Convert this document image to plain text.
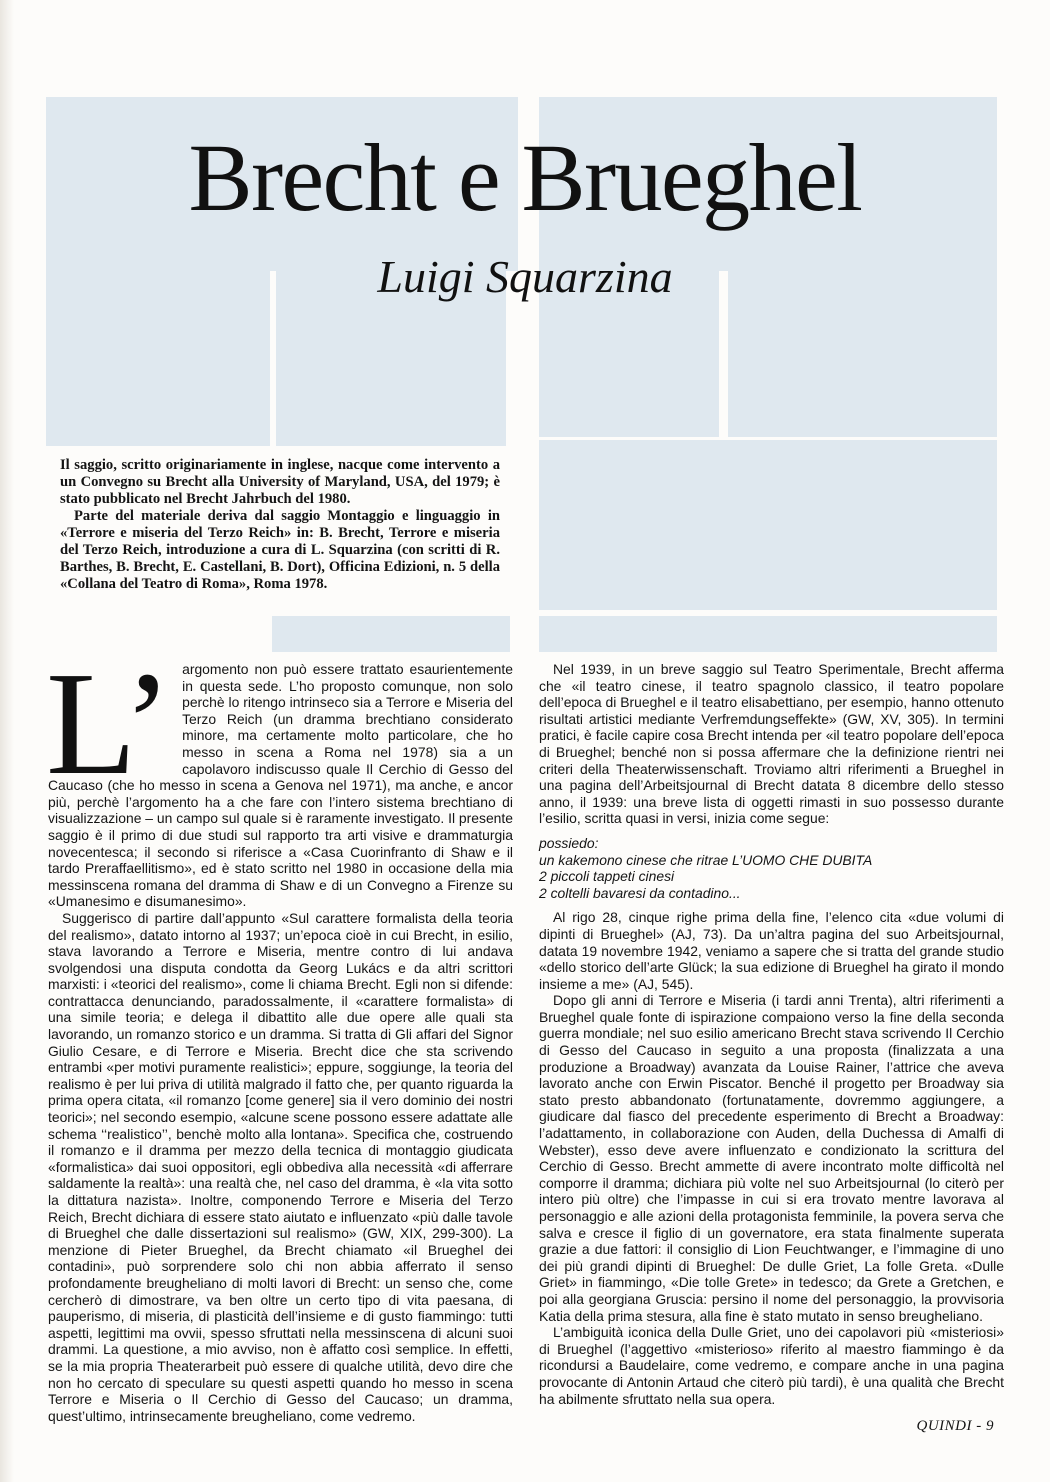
Brecht e Brueghel
Luigi Squarzina

Il saggio, scritto originariamente in inglese, nacque come intervento a un Convegno su Brecht alla University of Maryland, USA, del 1979; è stato pubblicato nel Brecht Jahrbuch del 1980.

Parte del materiale deriva dal saggio Montaggio e linguaggio in «Terrore e miseria del Terzo Reich» in: B. Brecht, Terrore e miseria del Terzo Reich, introduzione a cura di L. Squarzina (con scritti di R. Barthes, B. Brecht, E. Castellani, B. Dort), Officina Edizioni, n. 5 della «Collana del Teatro di Roma», Roma 1978.

L’ argomento non può essere trattato esaurientemente in questa sede. L’ho proposto comunque, non solo perchè lo ritengo intrinseco sia a Terrore e Miseria del Terzo Reich (un dramma brechtiano considerato minore, ma certamente molto particolare, che ho messo in scena a Roma nel 1978) sia a un capolavoro indiscusso quale Il Cerchio di Gesso del Caucaso (che ho messo in scena a Genova nel 1971), ma anche, e ancor più, perchè l’argomento ha a che fare con l’intero sistema brechtiano di visualizzazione – un campo sul quale si è raramente investigato. Il presente saggio è il primo di due studi sul rapporto tra arti visive e drammaturgia novecentesca; il secondo si riferisce a «Casa Cuorinfranto di Shaw e il tardo Preraffaellitismo», ed è stato scritto nel 1980 in occasione della mia messinscena romana del dramma di Shaw e di un Convegno a Firenze su «Umanesimo e disumanesimo».

Suggerisco di partire dall’appunto «Sul carattere formalista della teoria del realismo», datato intorno al 1937; un’epoca cioè in cui Brecht, in esilio, stava lavorando a Terrore e Miseria, mentre contro di lui andava svolgendosi una disputa condotta da Georg Lukács e da altri scrittori marxisti: i «teorici del realismo», come li chiama Brecht. Egli non si difende: contrattacca denunciando, paradossalmente, il «carattere formalista» di una simile teoria; e delega il dibattito alle due opere alle quali sta lavorando, un romanzo storico e un dramma. Si tratta di Gli affari del Signor Giulio Cesare, e di Terrore e Miseria. Brecht dice che sta scrivendo entrambi «per motivi puramente realistici»; eppure, soggiunge, la teoria del realismo è per lui priva di utilità malgrado il fatto che, per quanto riguarda la prima opera citata, «il romanzo [come genere] sia il vero dominio dei nostri teorici»; nel secondo esempio, «alcune scene possono essere adattate alle schema ‘‘realistico’’, benchè molto alla lontana». Specifica che, costruendo il romanzo e il dramma per mezzo della tecnica di montaggio giudicata «formalistica» dai suoi oppositori, egli obbediva alla necessità «di afferrare saldamente la realtà»: una realtà che, nel caso del dramma, è «la vita sotto la dittatura nazista». Inoltre, componendo Terrore e Miseria del Terzo Reich, Brecht dichiara di essere stato aiutato e influenzato «più dalle tavole di Brueghel che dalle dissertazioni sul realismo» (GW, XIX, 299-300). La menzione di Pieter Brueghel, da Brecht chiamato «il Brueghel dei contadini», può sorprendere solo chi non abbia afferrato il senso profondamente breugheliano di molti lavori di Brecht: un senso che, come cercherò di dimostrare, va ben oltre un certo tipo di vita paesana, di pauperismo, di miseria, di plasticità dell’insieme e di gusto fiammingo: tutti aspetti, legittimi ma ovvii, spesso sfruttati nella messinscena di alcuni suoi drammi. La questione, a mio avviso, non è affatto così semplice. In effetti, se la mia propria Theaterarbeit può essere di qualche utilità, devo dire che non ho cercato di speculare su questi aspetti quando ho messo in scena Terrore e Miseria o Il Cerchio di Gesso del Caucaso; un dramma, quest’ultimo, intrinsecamente breugheliano, come vedremo.

Nel 1939, in un breve saggio sul Teatro Sperimentale, Brecht afferma che «il teatro cinese, il teatro spagnolo classico, il teatro popolare dell’epoca di Brueghel e il teatro elisabettiano, per esempio, hanno ottenuto risultati artistici mediante Verfremdungseffekte» (GW, XV, 305). In termini pratici, è facile capire cosa Brecht intenda per «il teatro popolare dell’epoca di Brueghel; benché non si possa affermare che la definizione rientri nei criteri della Theaterwissenschaft. Troviamo altri riferimenti a Brueghel in una pagina dell’Arbeitsjournal di Brecht datata 8 dicembre dello stesso anno, il 1939: una breve lista di oggetti rimasti in suo possesso durante l’esilio, scritta quasi in versi, inizia come segue:

possiedo:
un kakemono cinese che ritrae L’UOMO CHE DUBITA
2 piccoli tappeti cinesi
2 coltelli bavaresi da contadino...

Al rigo 28, cinque righe prima della fine, l’elenco cita «due volumi di dipinti di Brueghel» (AJ, 73). Da un’altra pagina del suo Arbeitsjournal, datata 19 novembre 1942, veniamo a sapere che si tratta del grande studio «dello storico dell’arte Glück; la sua edizione di Brueghel ha girato il mondo insieme a me» (AJ, 545).

Dopo gli anni di Terrore e Miseria (i tardi anni Trenta), altri riferimenti a Brueghel quale fonte di ispirazione compaiono verso la fine della seconda guerra mondiale; nel suo esilio americano Brecht stava scrivendo Il Cerchio di Gesso del Caucaso in seguito a una proposta (finalizzata a una produzione a Broadway) avanzata da Louise Rainer, l’attrice che aveva lavorato anche con Erwin Piscator. Benché il progetto per Broadway sia stato presto abbandonato (fortunatamente, dovremmo aggiungere, a giudicare dal fiasco del precedente esperimento di Brecht a Broadway: l’adattamento, in collaborazione con Auden, della Duchessa di Amalfi di Webster), esso deve avere influenzato e condizionato la scrittura del Cerchio di Gesso. Brecht ammette di avere incontrato molte difficoltà nel comporre il dramma; dichiara più volte nel suo Arbeitsjournal (lo citerò per intero più oltre) che l’impasse in cui si era trovato mentre lavorava al personaggio e alle azioni della protagonista femminile, la povera serva che salva e cresce il figlio di un governatore, era stata finalmente superata grazie a due fattori: il consiglio di Lion Feuchtwanger, e l’immagine di uno dei più grandi dipinti di Brueghel: De dulle Griet, La folle Greta. «Dulle Griet» in fiammingo, «Die tolle Grete» in tedesco; da Grete a Gretchen, e poi alla georgiana Gruscia: persino il nome del personaggio, la provvisoria Katia della prima stesura, alla fine è stato mutato in senso breugheliano.

L’ambiguità iconica della Dulle Griet, uno dei capolavori più «misteriosi» di Brueghel (l’aggettivo «misterioso» riferito al maestro fiammingo è da ricondursi a Baudelaire, come vedremo, e compare anche in una pagina provocante di Antonin Artaud che citerò più tardi), è una qualità che Brecht ha abilmente sfruttato nella sua opera.

QUINDI - 9
